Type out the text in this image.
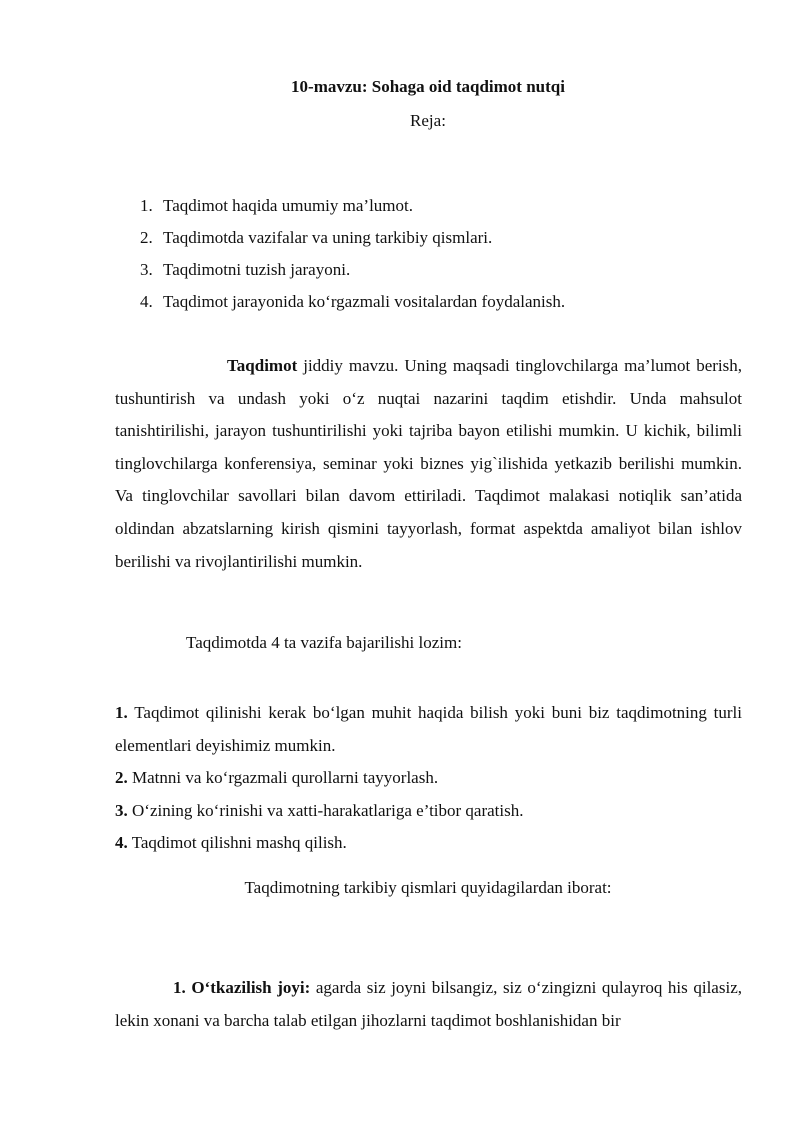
10-mavzu: Sohaga oid taqdimot nutqi

Reja:

1. Taqdimot haqida umumiy ma’lumot.
2. Taqdimotda vazifalar va uning tarkibiy qismlari.
3. Taqdimotni tuzish jarayoni.
4. Taqdimot jarayonida ko‘rgazmali vositalardan foydalanish.

Taqdimot jiddiy mavzu. Uning maqsadi tinglovchilarga ma’lumot berish, tushuntirish va undash yoki o‘z nuqtai nazarini taqdim etishdir. Unda mahsulot tanishtirilishi, jarayon tushuntirilishi yoki tajriba bayon etilishi mumkin. U kichik, bilimli tinglovchilarga konferensiya, seminar yoki biznes yig`ilishida yetkazib berilishi mumkin. Va tinglovchilar savollari bilan davom ettiriladi. Taqdimot malakasi notiqlik san’atida oldindan abzatslarning kirish qismini tayyorlash, format aspektda amaliyot bilan ishlov berilishi va rivojlantirilishi mumkin.

Taqdimotda 4 ta vazifa bajarilishi lozim:

1. Taqdimot qilinishi kerak bo‘lgan muhit haqida bilish yoki buni biz taqdimotning turli elementlari deyishimiz mumkin.
2. Matnni va ko‘rgazmali qurollarni tayyorlash.
3. O‘zining ko‘rinishi va xatti-harakatlariga e’tibor qaratish.
4. Taqdimot qilishni mashq qilish.

Taqdimotning tarkibiy qismlari quyidagilardan iborat:

1. O‘tkazilish joyi: agarda siz joyni bilsangiz, siz o‘zingizni qulayroq his qilasiz, lekin xonani va barcha talab etilgan jihozlarni taqdimot boshlanishidan bir
